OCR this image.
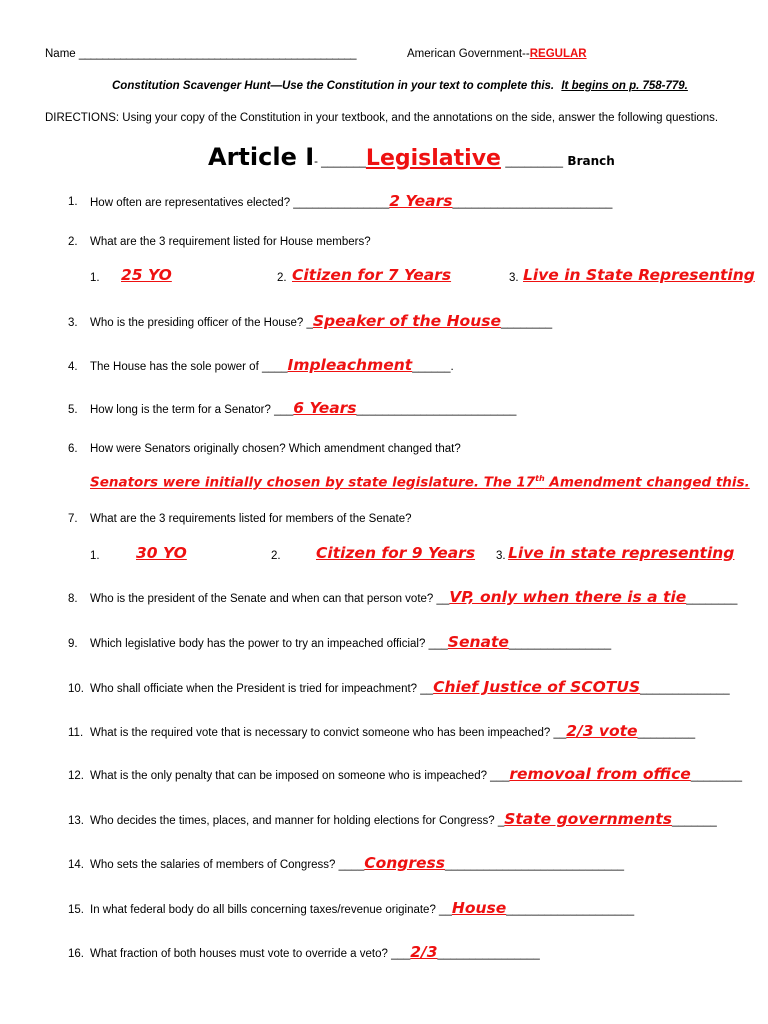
Name _______________________________________________	American Government--REGULAR
Constitution Scavenger Hunt—Use the Constitution in your text to complete this. It begins on p. 758-779.
DIRECTIONS: Using your copy of the Constitution in your textbook, and the annotations on the side, answer the following questions.
Article I- _______Legislative _________ Branch
1. How often are representatives elected? _______________2 Years_________________________
2. What are the 3 requirement listed for House members?
1. 25 YO	2. Citizen for 7 Years	3. Live in State Representing
3. Who is the presiding officer of the House? _Speaker of the House________
4. The House has the sole power of ____Impleachment______.
5. How long is the term for a Senator? ___6 Years_________________________
6. How were Senators originally chosen? Which amendment changed that?
Senators were initially chosen by state legislature. The 17th Amendment changed this.
7. What are the 3 requirements listed for members of the Senate?
1. 30 YO	2. Citizen for 9 Years 3. Live in state representing
8. Who is the president of the Senate and when can that person vote? __VP, only when there is a tie________
9. Which legislative body has the power to try an impeached official? ___Senate________________
10. Who shall officiate when the President is tried for impeachment? __Chief Justice of SCOTUS______________
11. What is the required vote that is necessary to convict someone who has been impeached? __2/3 vote_________
12. What is the only penalty that can be imposed on someone who is impeached? ___removoal from office________
13. Who decides the times, places, and manner for holding elections for Congress? _State governments_______
14. Who sets the salaries of members of Congress? ____Congress____________________________
15. In what federal body do all bills concerning taxes/revenue originate? __House____________________
16. What fraction of both houses must vote to override a veto? ___2/3________________
